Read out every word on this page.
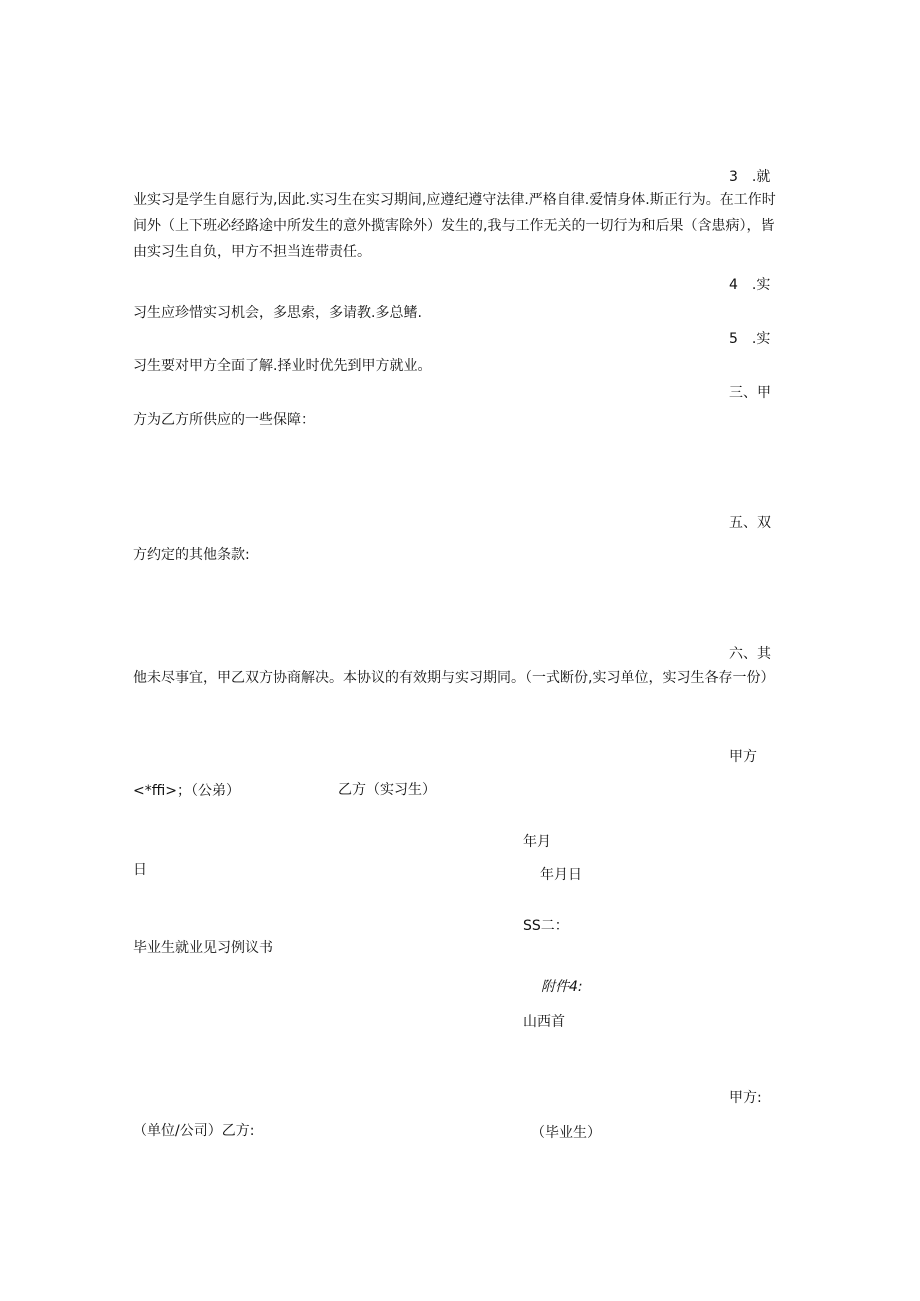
3　.就
业实习是学生自愿行为,因此.实习生在实习期间,应遵纪遵守法律.严格自律.爱情身体.斯正行为。在工作时间外（上下班必经路途中所发生的意外揽害除外）发生的,我与工作无关的一切行为和后果（含患病），皆由实习生自负，甲方不担当连带责任。
4　.实
习生应珍惜实习机会，多思索，多请教.多总鳍.
5　.实
习生要对甲方全面了解.择业时优先到甲方就业。
三、甲
方为乙方所供应的一些保障：
五、双
方约定的其他条款:
六、其
他未尽事宜，甲乙双方协商解决。本协议的有效期与实习期同。（一式断份,实习单位，实习生各存一份）
甲方
<*ffi>；（公弟）	乙方（实习生）
年月
日	年月日
SS二：
毕业生就业见习例议书
附件4:
山西首
甲方:
（单位/公司）乙方:	（毕业生）
